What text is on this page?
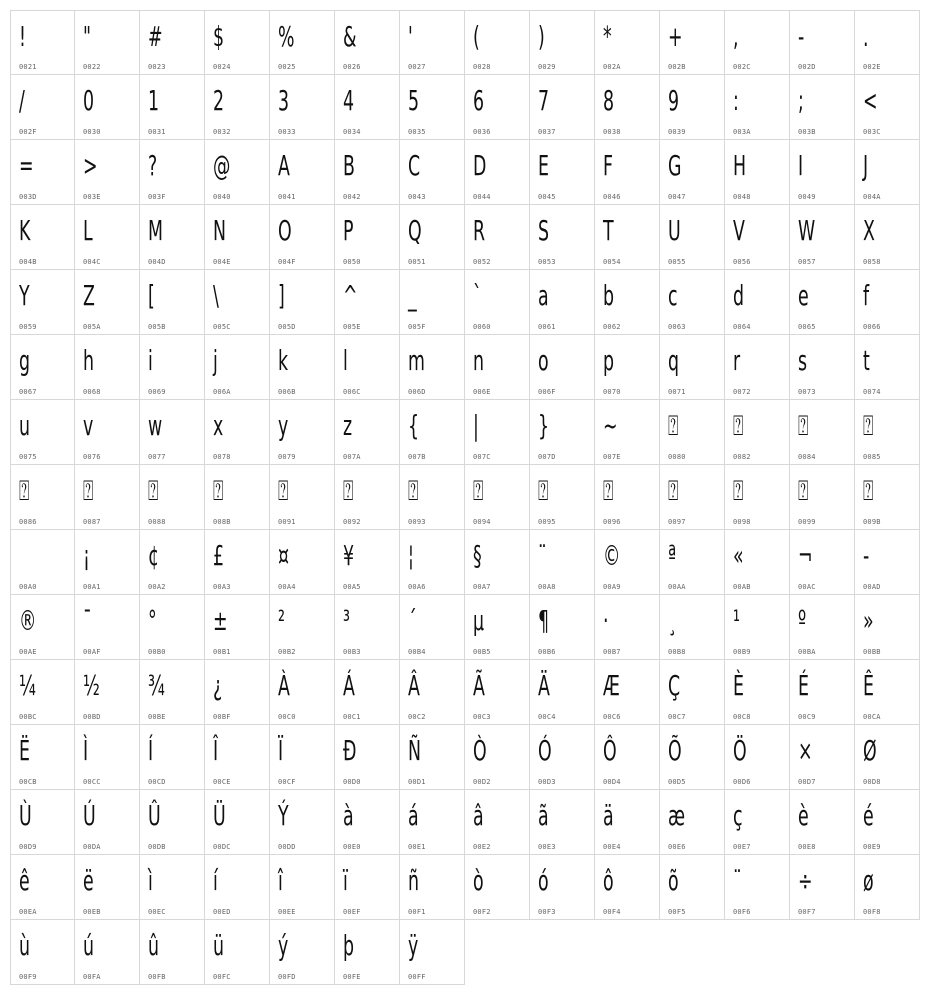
!
0021
"
0022
#
0023
$
0024
%
0025
&
0026
'
0027
(
0028
)
0029
*
002A
+
002B
,
002C
-
002D
.
002E
/
002F
0
0030
1
0031
2
0032
3
0033
4
0034
5
0035
6
0036
7
0037
8
0038
9
0039
:
003A
;
003B
<
003C
=
003D
>
003E
?
003F
@
0040
A
0041
B
0042
C
0043
D
0044
E
0045
F
0046
G
0047
H
0048
I
0049
J
004A
K
004B
L
004C
M
004D
N
004E
O
004F
P
0050
Q
0051
R
0052
S
0053
T
0054
U
0055
V
0056
W
0057
X
0058
Y
0059
Z
005A
[
005B
\
005C
]
005D
^
005E
_
005F
`
0060
a
0061
b
0062
c
0063
d
0064
e
0065
f
0066
g
0067
h
0068
i
0069
j
006A
k
006B
l
006C
m
006D
n
006E
o
006F
p
0070
q
0071
r
0072
s
0073
t
0074
u
0075
v
0076
w
0077
x
0078
y
0079
z
007A
{
007B
|
007C
}
007D
~
007E
⍰
0080
⍰
0082
⍰
0084
⍰
0085
⍰
0086
⍰
0087
⍰
0088
⍰
008B
⍰
0091
⍰
0092
⍰
0093
⍰
0094
⍰
0095
⍰
0096
⍰
0097
⍰
0098
⍰
0099
⍰
009B

00A0
¡
00A1
¢
00A2
£
00A3
¤
00A4
¥
00A5
¦
00A6
§
00A7
¨
00A8
©
00A9
ª
00AA
«
00AB
¬
00AC
-
00AD
®
00AE
¯
00AF
°
00B0
±
00B1
²
00B2
³
00B3
´
00B4
µ
00B5
¶
00B6
·
00B7
¸
00B8
¹
00B9
º
00BA
»
00BB
¼
00BC
½
00BD
¾
00BE
¿
00BF
À
00C0
Á
00C1
Â
00C2
Ã
00C3
Ä
00C4
Æ
00C6
Ç
00C7
È
00C8
É
00C9
Ê
00CA
Ë
00CB
Ì
00CC
Í
00CD
Î
00CE
Ï
00CF
Đ
00D0
Ñ
00D1
Ò
00D2
Ó
00D3
Ô
00D4
Õ
00D5
Ö
00D6
×
00D7
Ø
00D8
Ù
00D9
Ú
00DA
Û
00DB
Ü
00DC
Ý
00DD
à
00E0
á
00E1
â
00E2
ã
00E3
ä
00E4
æ
00E6
ç
00E7
è
00E8
é
00E9
ê
00EA
ë
00EB
ì
00EC
í
00ED
î
00EE
ï
00EF
ñ
00F1
ò
00F2
ó
00F3
ô
00F4
õ
00F5
¨
00F6
÷
00F7
ø
00F8
ù
00F9
ú
00FA
û
00FB
ü
00FC
ý
00FD
þ
00FE
ÿ
00FF
